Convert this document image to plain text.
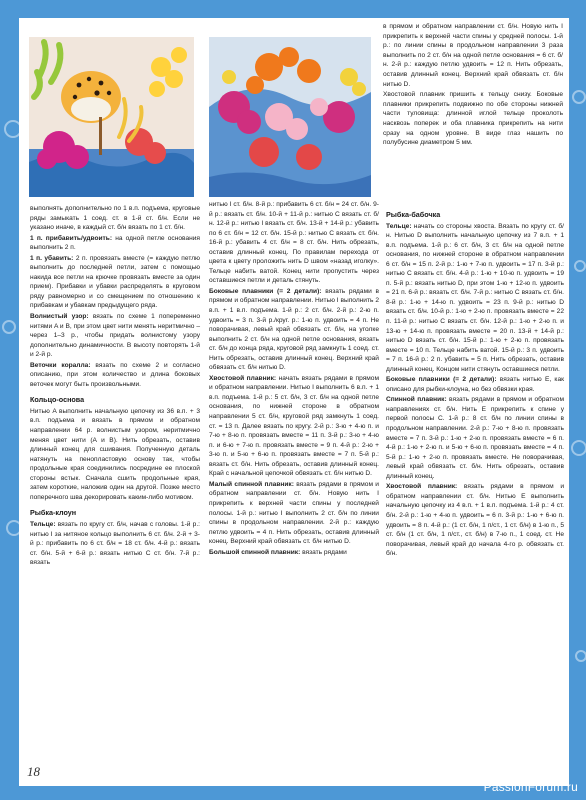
в прямом и обратном направлении ст. б/н. Новую нить I прикрепить к верхней части спины у средней полосы. 1-й р.: по линии спины в продольном направлении 3 раза выполнить по 2 ст. б/н на одной петле основания = 6 ст. б/н. 2-й р.: каждую петлю удвоить = 12 п. Нить обрезать, оставив длинный конец. Верхний край обвязать ст. б/н нитью D.

Хвостовой плавник пришить к тельцу снизу. Боковые плавники прикрепить подвижно по обе стороны нижней части туловища: длинной иглой тельце проколоть насквозь поперек и оба плавника прикрепить на нити сразу на одном уровне. В виде глаз нашить по полубусине диаметром 5 мм.

выполнять дополнительно по 1 в.п. подъема, круговые ряды замыкать 1 соед. ст. в 1-й ст. б/н. Если не указано иначе, в каждый ст. б/н вязать по 1 ст. б/н.

1 п. прибавить/удвоить: на одной петле основания выполнить 2 п.

1 п. убавить: 2 п. провязать вместе (= каждую петлю выполнить до последней петли, затем с помощью накида все петли на крючке провязать вместе за один прием). Прибавки и убавки распределять в круговом ряду равномерно и со смещением по отношению к прибавкам и убавкам предыдущего ряда.

Волнистый узор: вязать по схеме 1 попеременно нитями A и B, при этом цвет нити менять неритмично – через 1–3 р., чтобы придать волнистому узору дополнительно динамичности. В высоту повторять 1-й и 2-й р.

Веточки коралла: вязать по схеме 2 и согласно описанию, при этом количество и длина боковых веточек могут быть произвольными.

Кольцо-основа

Нитью A выполнить начальную цепочку из 36 в.п. + 3 в.п. подъема и вязать в прямом и обратном направлении 64 р. волнистым узором, неритмично меняя цвет нити (A и B). Нить обрезать, оставив длинный конец для сшивания. Полученную деталь натянуть на пенопластовую основу так, чтобы продольные края соединились посредине ее плоской стороны встык. Сначала сшить продольные края, затем короткие, наложив один на другой. Позже место поперечного шва декорировать каким-либо мотивом.

Рыбка-клоун

Тельце: вязать по кругу ст. б/н, начав с головы. 1-й р.: нитью I за нитяное кольцо выполнить 6 ст. б/н. 2-й + 3-й р.: прибавить по 6 ст. б/н = 18 ст. б/н. 4-й р.: вязать ст. б/н. 5-й + 6-й р.: вязать нитью C ст. б/н. 7-й р.: вязать

нитью I ст. б/н. 8-й р.: прибавить 6 ст. б/н = 24 ст. б/н. 9-й р.: вязать ст. б/н. 10-й + 11-й р.: нитью C вязать ст. б/н. 12-й р.: нитью I вязать ст. б/н. 13-й + 14-й р.: убавить по 6 ст. б/н = 12 ст. б/н. 15-й р.: нитью C вязать ст. б/н. 16-й р.: убавить 4 ст. б/н = 8 ст. б/н. Нить обрезать, оставив длинный конец. По правилам перехода от цвета к цвету проложить нить D швом «назад иголку». Тельце набить ватой. Конец нити пропустить через оставшиеся петли и деталь стянуть.

Боковые плавники (= 2 детали): вязать рядами в прямом и обратном направлении. Нитью I выполнить 2 в.п. + 1 в.п. подъема. 1-й р.: 2 ст. б/н. 2-й р.: 2-ю п. удвоить = 3 п. 3-й р./круг. р.: 1-ю п. удвоить = 4 п. Не поворачивая, левый край обвязать ст. б/н, на уголке выполнить 2 ст. б/н на одной петле основания, вязать ст. б/н до конца ряда, круговой ряд замкнуть 1 соед. ст. Нить обрезать, оставив длинный конец. Верхний край обвязать ст. б/н нитью D.

Хвостовой плавник: начать вязать рядами в прямом и обратном направлении. Нитью I выполнить 6 в.п. + 1 в.п. подъема. 1-й р.: 5 ст. б/н, 3 ст. б/н на одной петле основания, по нижней стороне в обратном направлении 5 ст. б/н, круговой ряд замкнуть 1 соед. ст. = 13 п. Далее вязать по кругу. 2-й р.: 3-ю + 4-ю п. и 7-ю + 8-ю п. провязать вместе = 11 п. 3-й р.: 3-ю + 4-ю п. и 6-ю + 7-ю п. провязать вместе = 9 п. 4-й р.: 2-ю + 3-ю п. и 5-ю + 6-ю п. провязать вместе = 7 п. 5-й р.: вязать ст. б/н. Нить обрезать, оставив длинный конец. Край с начальной цепочкой обвязать ст. б/н нитью D.

Малый спинной плавник: вязать рядами в прямом и обратном направлении ст. б/н. Новую нить I прикрепить к верхней части спины у последней полосы. 1-й р.: нитью I выполнить 2 ст. б/н по линии спины в продольном направлении. 2-й р.: каждую петлю удвоить = 4 п. Нить обрезать, оставив длинный конец. Верхний край обвязать ст. б/н нитью D.

Большой спинной плавник: вязать рядами

Рыбка-бабочка

Тельце: начать со стороны хвоста. Вязать по кругу ст. б/н. Нитью D выполнить начальную цепочку из 7 в.п. + 1 в.п. подъема. 1-й р.: 6 ст. б/н, 3 ст. б/н на одной петле основания, по нижней стороне в обратном направлении 6 ст. б/н = 15 п. 2-й р.: 1-ю + 7-ю п. удвоить = 17 п. 3-й р.: нитью C вязать ст. б/н. 4-й р.: 1-ю + 10-ю п. удвоить = 19 п. 5-й р.: вязать нитью D, при этом 1-ю + 12-ю п. удвоить = 21 п. 6-й р.: вязать ст. б/н. 7-й р.: нитью C вязать ст. б/н. 8-й р.: 1-ю + 14-ю п. удвоить = 23 п. 9-й р.: нитью D вязать ст. б/н. 10-й р.: 1-ю + 2-ю п. провязать вместе = 22 п. 11-й р.: нитью C вязать ст. б/н. 12-й р.: 1-ю + 2-ю п. и 13-ю + 14-ю п. провязать вместе = 20 п. 13-й + 14-й р.: нитью D вязать ст. б/н. 15-й р.: 1-ю + 2-ю п. провязать вместе = 10 п. Тельце набить ватой. 15-й р.: 3 п. удвоить = 7 п. 16-й р.: 2 п. убавить = 5 п. Нить обрезать, оставив длинный конец. Концом нити стянуть оставшиеся петли.

Боковые плавники (= 2 детали): вязать нитью E, как описано для рыбки-клоуна, но без обвязки края.

Спинной плавник: вязать рядами в прямом и обратном направлениях ст. б/н. Нить E прикрепить к спине у первой полосы C. 1-й р.: 8 ст. б/н по линии спины в продольном направлении. 2-й р.: 7-ю + 8-ю п. провязать вместе = 7 п. 3-й р.: 1-ю + 2-ю п. провязать вместе = 6 п. 4-й р.: 1-ю + 2-ю п. и 5-ю + 6-ю п. провязать вместе = 4 п. 5-й р.: 1-ю + 2-ю п. провязать вместе. Не поворачивая, левый край обвязать ст. б/н. Нить обрезать, оставив длинный конец.

Хвостовой плавник: вязать рядами в прямом и обратном направлении ст. б/н. Нитью E выполнить начальную цепочку из 4 в.п. + 1 в.п. подъема. 1-й р.: 4 ст. б/н. 2-й р.: 1-ю + 4-ю п. удвоить = 6 п. 3-й р.: 1-ю + 6-ю п. удвоить = 8 п. 4-й р.: (1 ст. б/н, 1 п/ст., 1 ст. б/н) в 1-ю п., 5 ст. б/н (1 ст. б/н, 1 п/ст., ст. б/н) в 7-ю п., 1 соед. ст. Не поворачивая, левый край до начала 4-го р. обвязать ст. б/н.

18
PassionForum.ru
